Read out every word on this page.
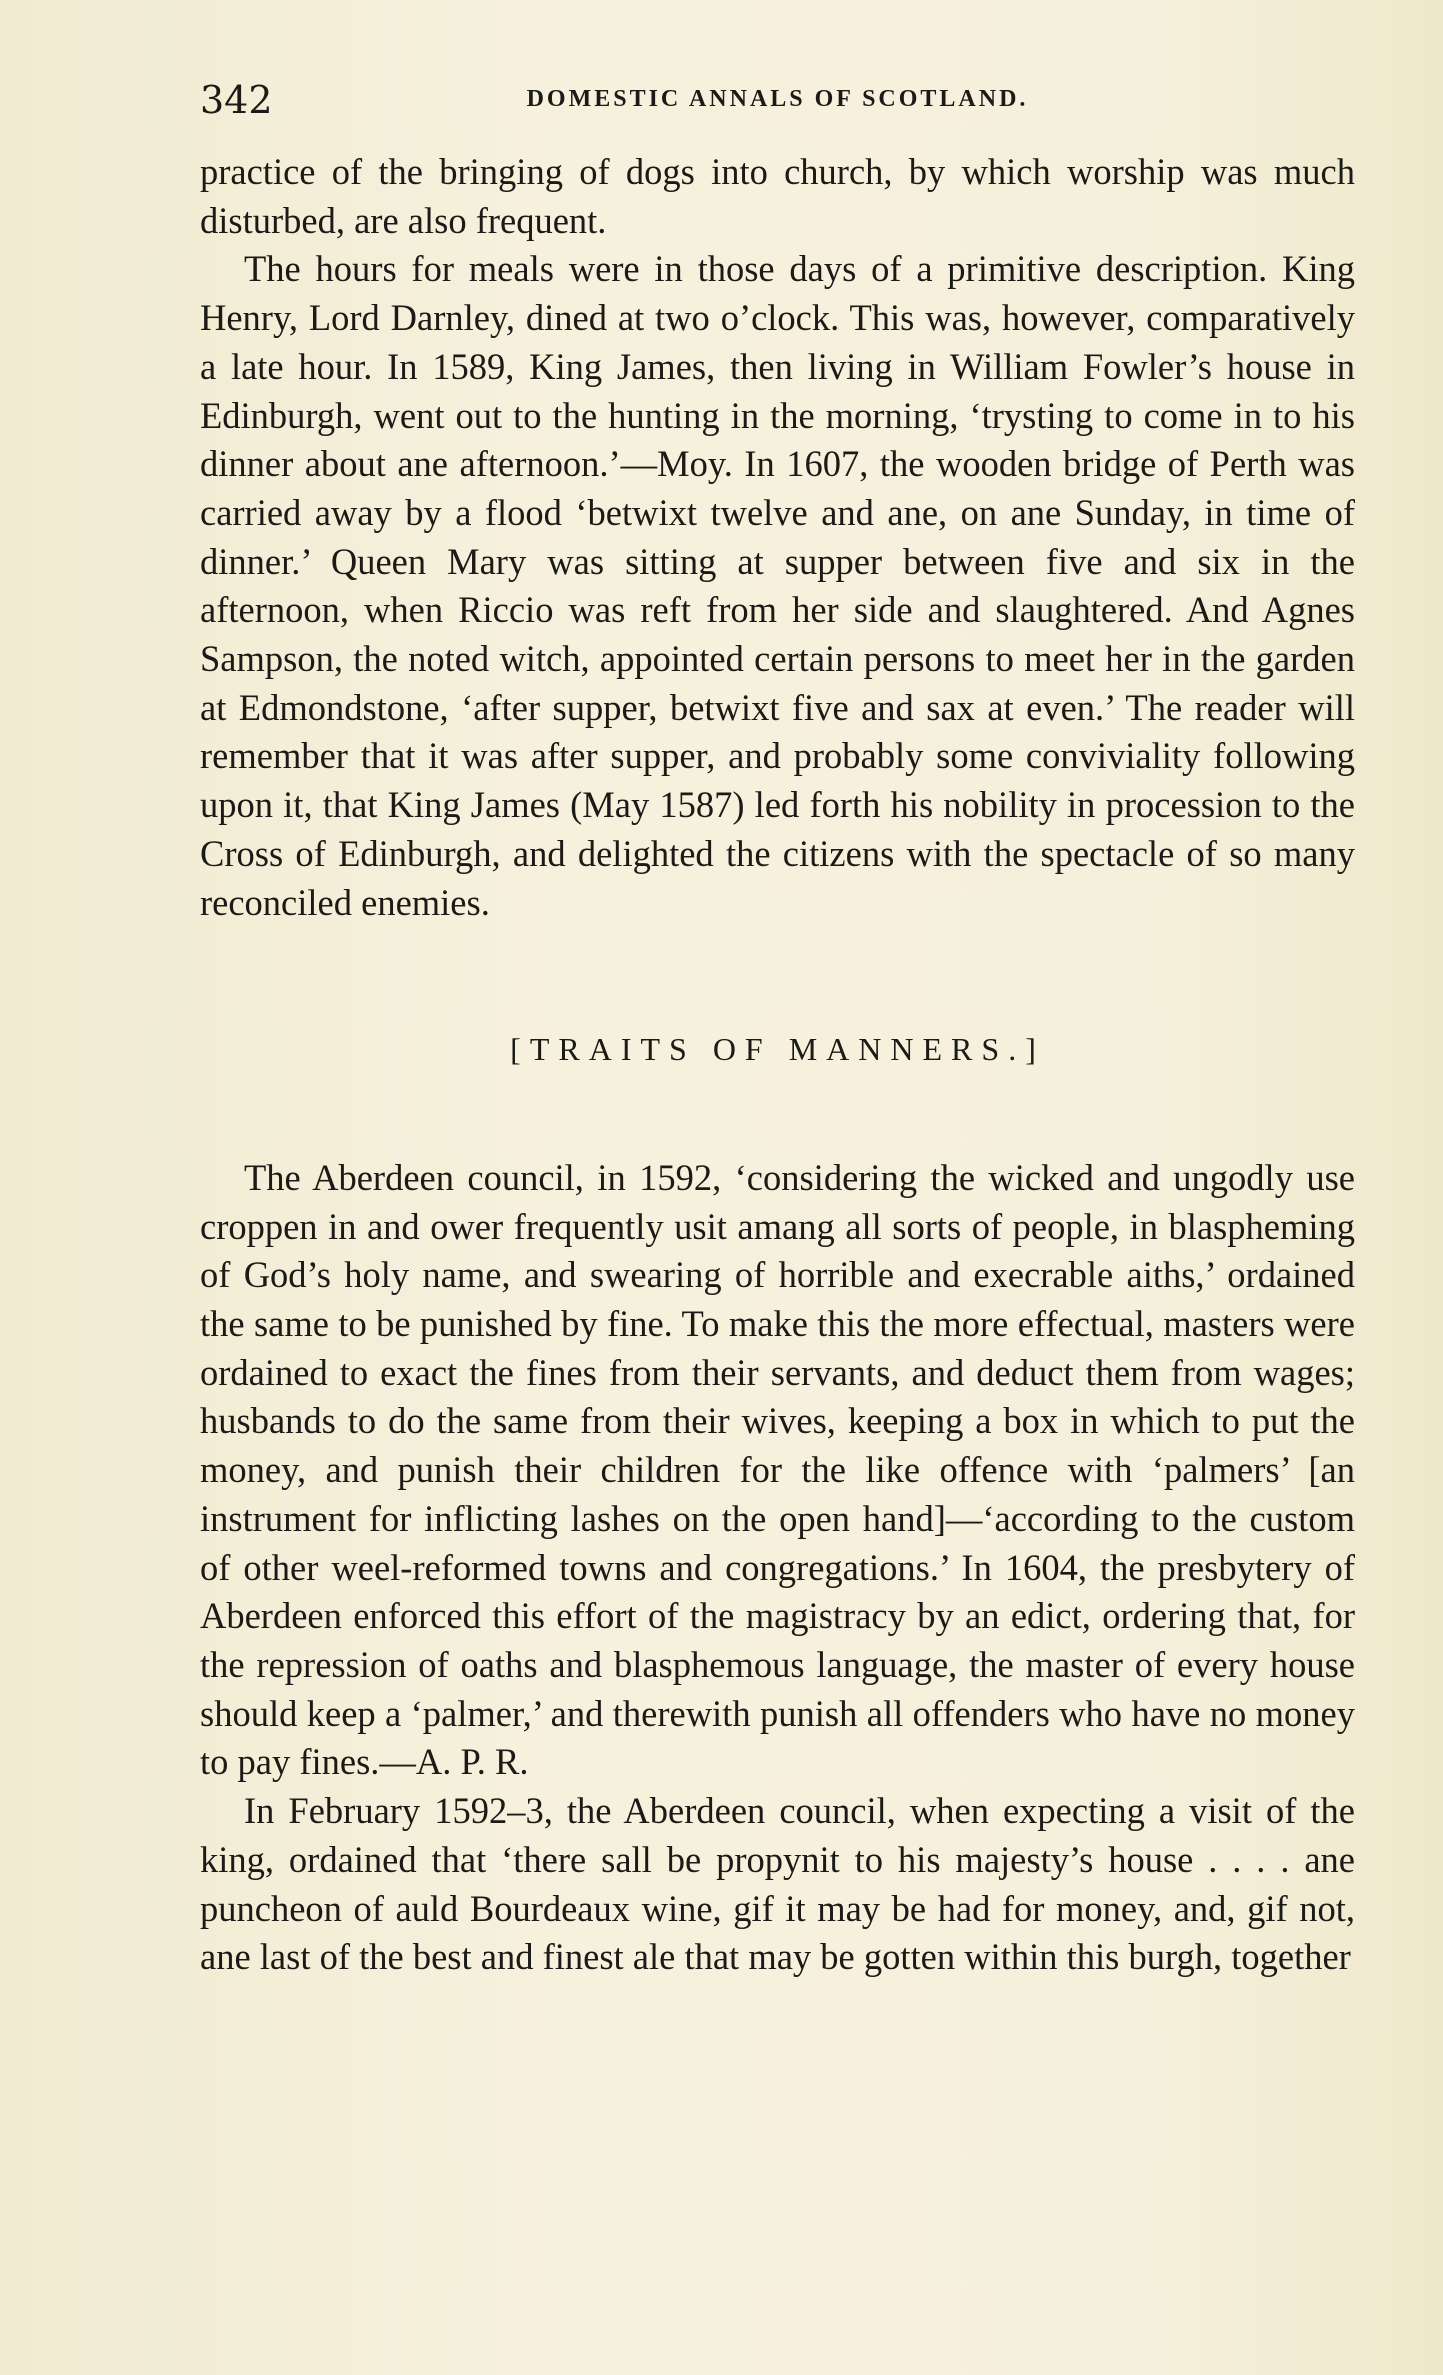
342	DOMESTIC ANNALS OF SCOTLAND.

practice of the bringing of dogs into church, by which worship was much disturbed, are also frequent.

The hours for meals were in those days of a primitive description. King Henry, Lord Darnley, dined at two o’clock. This was, however, comparatively a late hour. In 1589, King James, then living in William Fowler’s house in Edinburgh, went out to the hunting in the morning, ‘trysting to come in to his dinner about ane afternoon.’—Moy. In 1607, the wooden bridge of Perth was carried away by a flood ‘betwixt twelve and ane, on ane Sunday, in time of dinner.’ Queen Mary was sitting at supper between five and six in the afternoon, when Riccio was reft from her side and slaughtered. And Agnes Sampson, the noted witch, appointed certain persons to meet her in the garden at Edmondstone, ‘after supper, betwixt five and sax at even.’ The reader will remember that it was after supper, and probably some conviviality following upon it, that King James (May 1587) led forth his nobility in procession to the Cross of Edinburgh, and delighted the citizens with the spectacle of so many reconciled enemies.

[TRAITS OF MANNERS.]

The Aberdeen council, in 1592, ‘considering the wicked and ungodly use croppen in and ower frequently usit amang all sorts of people, in blaspheming of God’s holy name, and swearing of horrible and execrable aiths,’ ordained the same to be punished by fine. To make this the more effectual, masters were ordained to exact the fines from their servants, and deduct them from wages; husbands to do the same from their wives, keeping a box in which to put the money, and punish their children for the like offence with ‘palmers’ [an instrument for inflicting lashes on the open hand]—‘according to the custom of other weel-reformed towns and congregations.’ In 1604, the presbytery of Aberdeen enforced this effort of the magistracy by an edict, ordering that, for the repression of oaths and blasphemous language, the master of every house should keep a ‘palmer,’ and therewith punish all offenders who have no money to pay fines.—A. P. R.

In February 1592–3, the Aberdeen council, when expecting a visit of the king, ordained that ‘there sall be propynit to his majesty’s house . . . . ane puncheon of auld Bourdeaux wine, gif it may be had for money, and, gif not, ane last of the best and finest ale that may be gotten within this burgh, together
